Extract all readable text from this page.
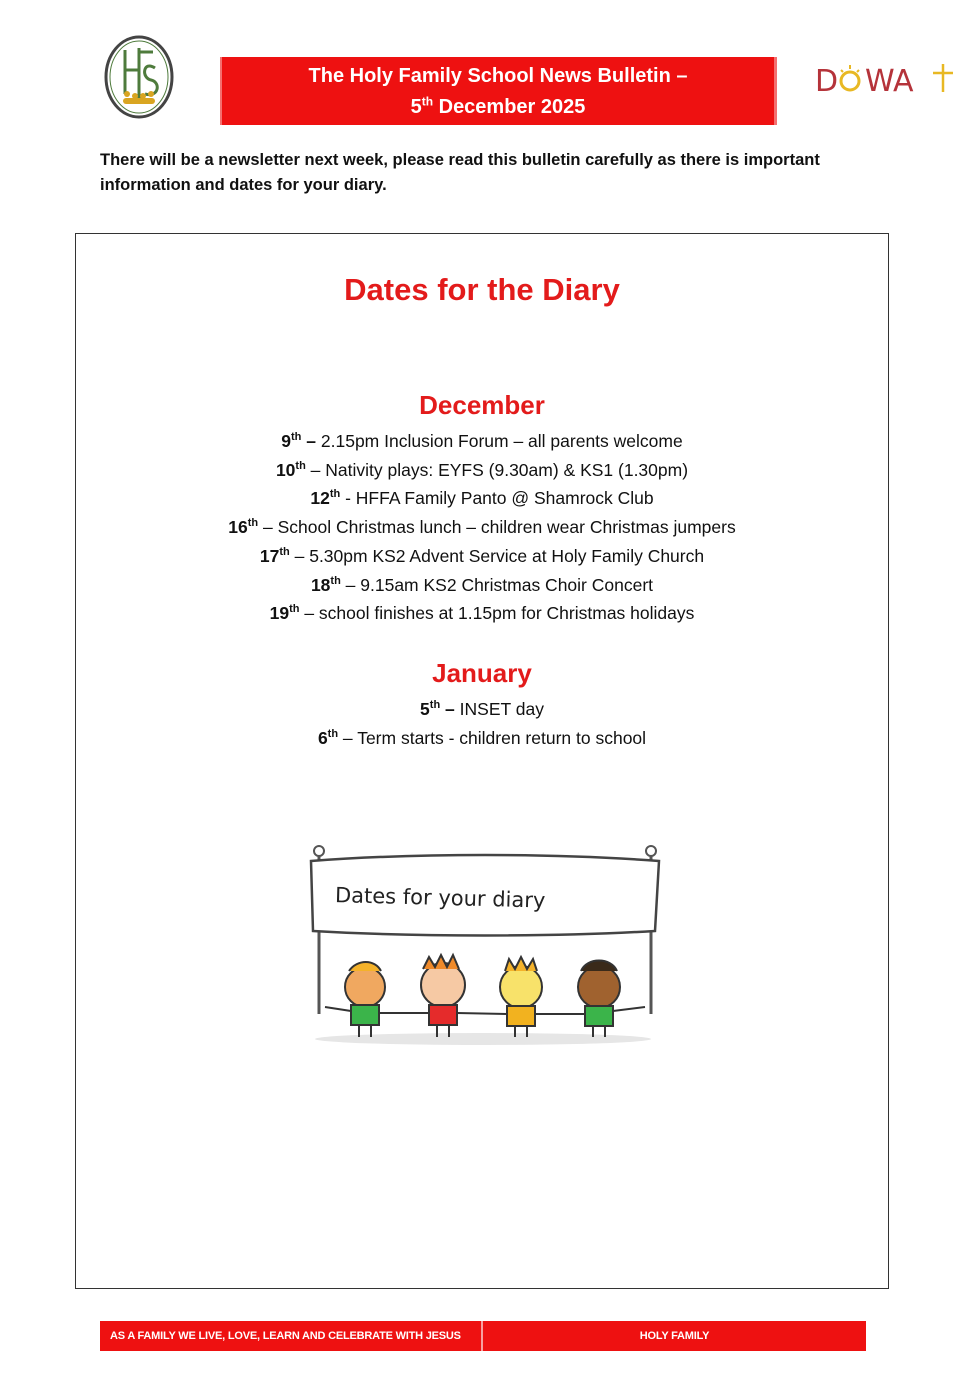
The Holy Family School News Bulletin –
5th December 2025
D WA
There will be a newsletter next week, please read this bulletin carefully as there is important information and dates for your diary.
Dates for the Diary
December
9th – 2.15pm Inclusion Forum – all parents welcome
10th – Nativity plays: EYFS (9.30am) & KS1 (1.30pm)
12th - HFFA Family Panto @ Shamrock Club
16th – School Christmas lunch – children wear Christmas jumpers
17th – 5.30pm KS2 Advent Service at Holy Family Church
18th – 9.15am KS2 Christmas Choir Concert
19th – school finishes at 1.15pm for Christmas holidays
January
5th – INSET day
6th – Term starts - children return to school
Dates for your diary
AS A FAMILY WE LIVE, LOVE, LEARN AND CELEBRATE WITH JESUS	HOLY FAMILY
